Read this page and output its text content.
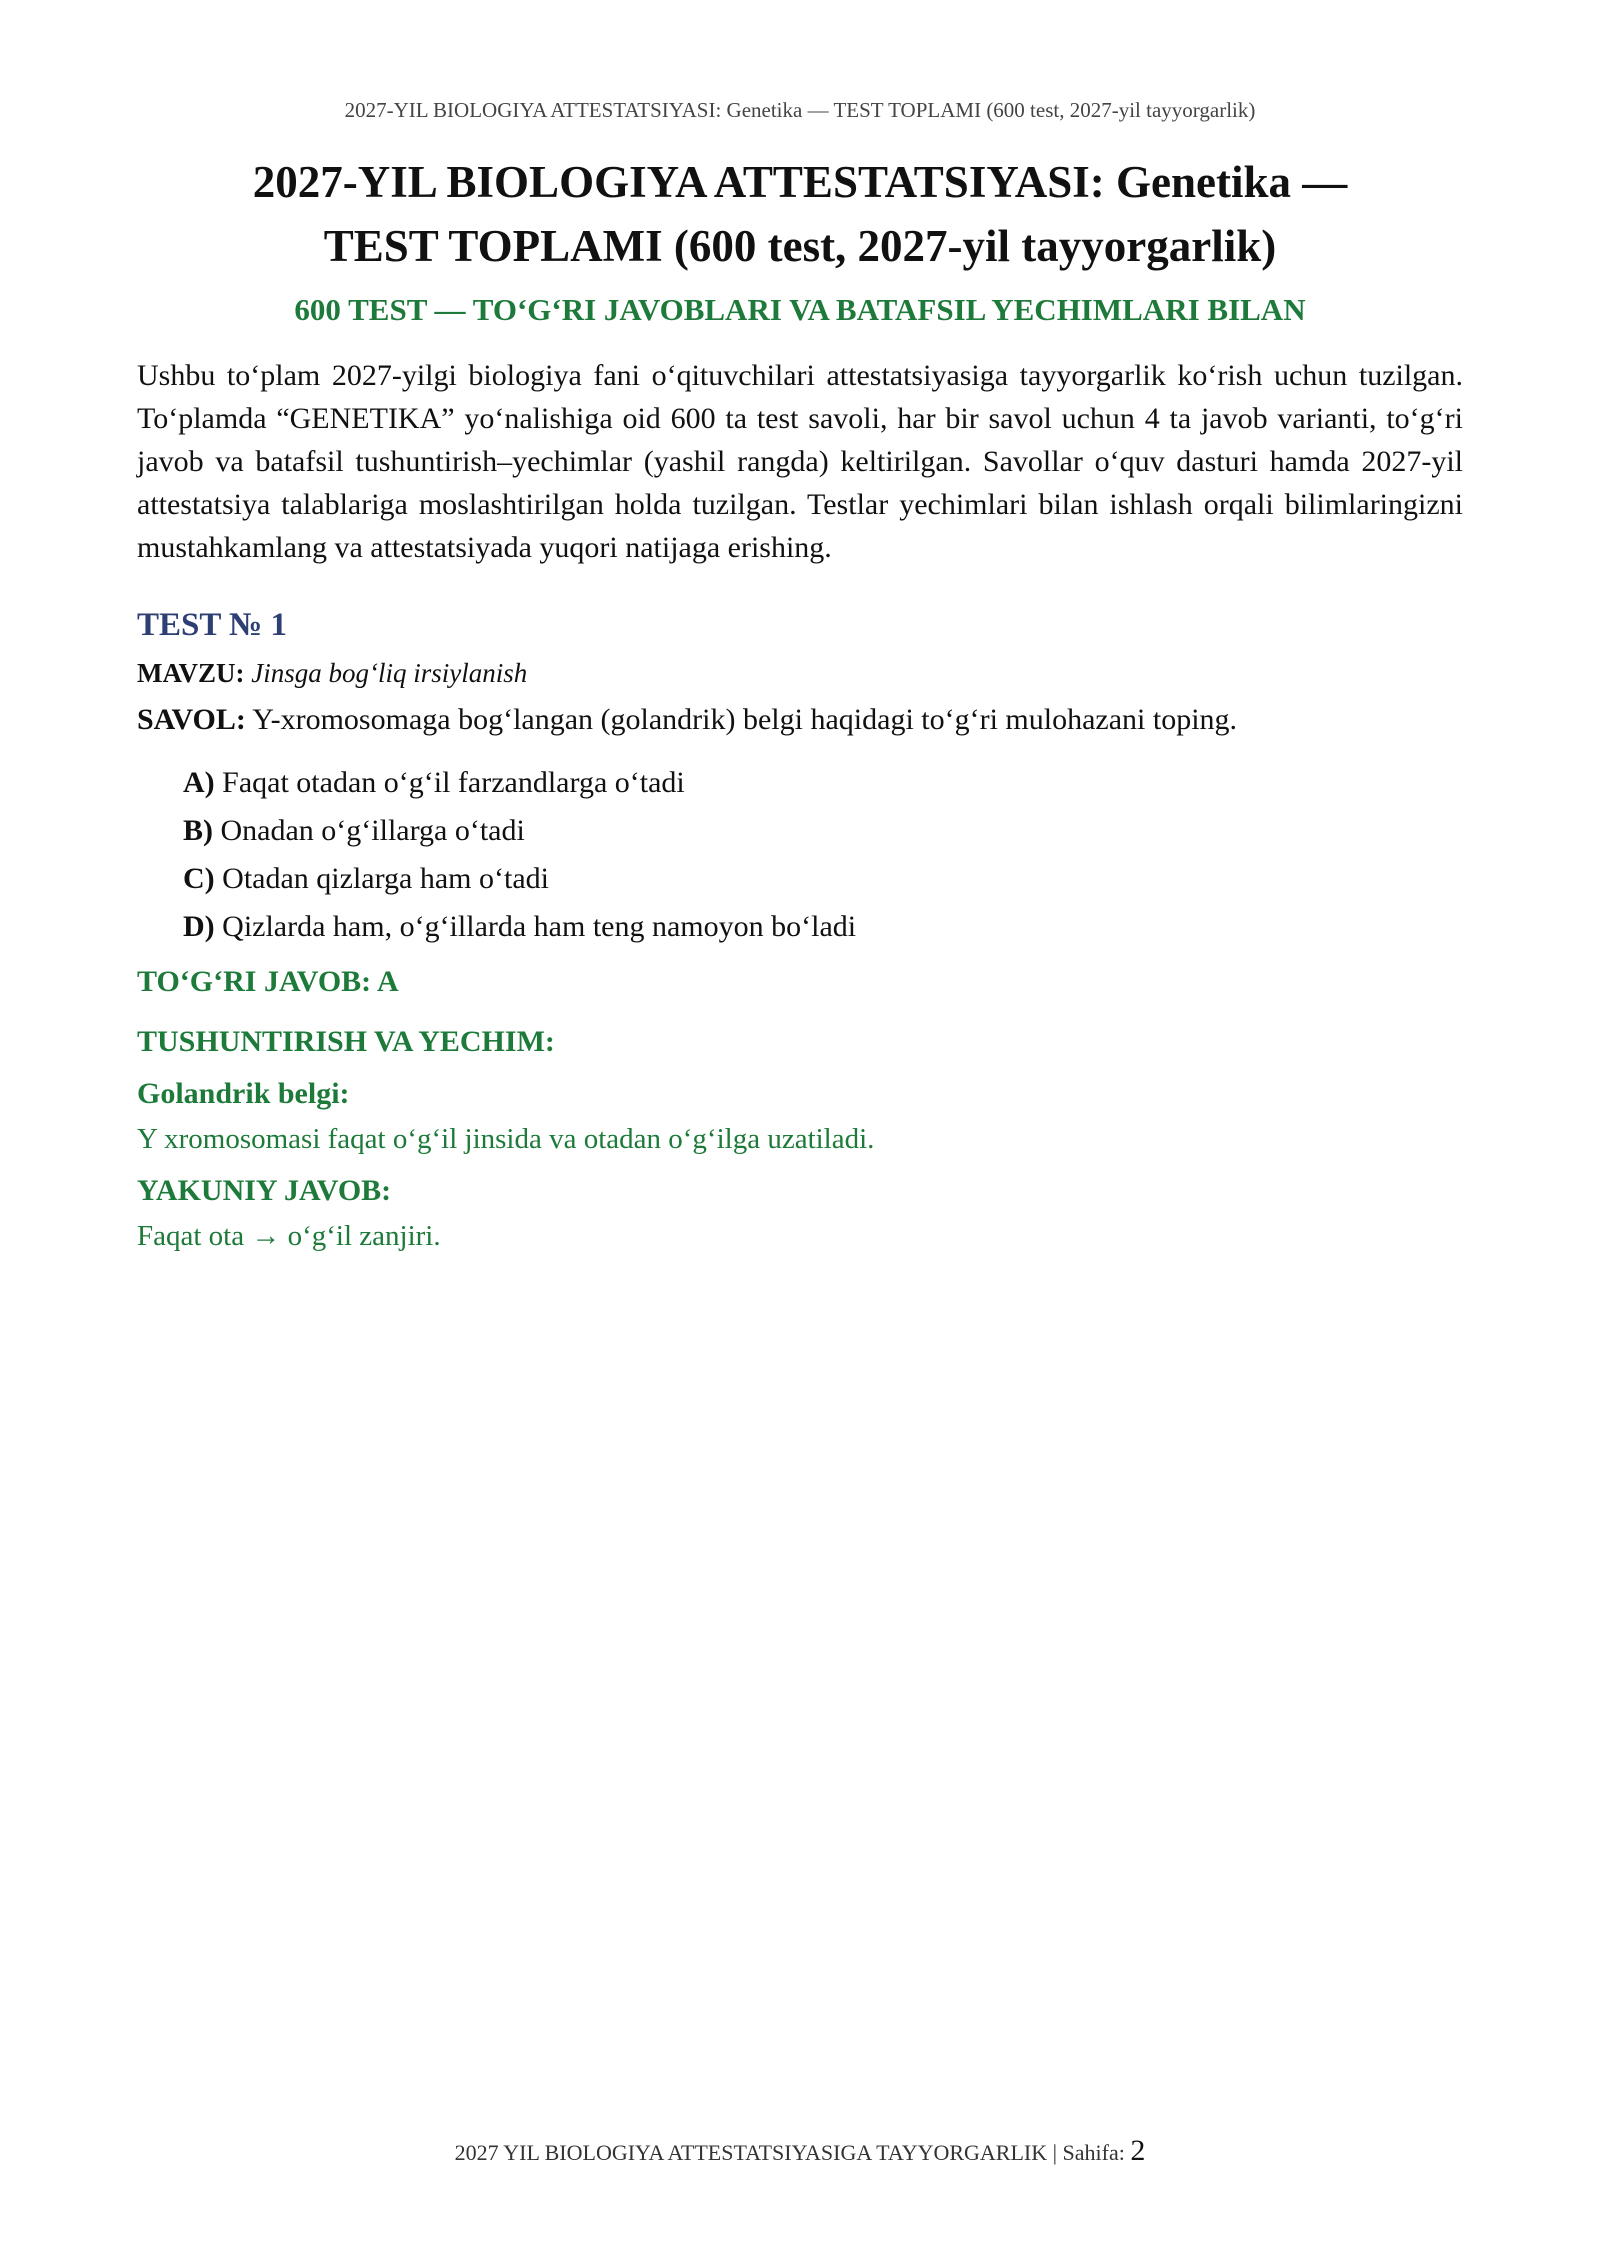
2027-YIL BIOLOGIYA ATTESTATSIYASI: Genetika — TEST TOPLAMI (600 test, 2027-yil tayyorgarlik)
2027-YIL BIOLOGIYA ATTESTATSIYASI: Genetika —
TEST TOPLAMI (600 test, 2027-yil tayyorgarlik)
600 TEST — TO‘G‘RI JAVOBLARI VA BATAFSIL YECHIMLARI BILAN

Ushbu to‘plam 2027-yilgi biologiya fani o‘qituvchilari attestatsiyasiga tayyorgarlik ko‘rish uchun tuzilgan. To‘plamda “GENETIKA” yo‘nalishiga oid 600 ta test savoli, har bir savol uchun 4 ta javob varianti, to‘g‘ri javob va batafsil tushuntirish–yechimlar (yashil rangda) keltirilgan. Savollar o‘quv dasturi hamda 2027-yil attestatsiya talablariga moslashtirilgan holda tuzilgan. Testlar yechimlari bilan ishlash orqali bilimlaringizni mustahkamlang va attestatsiyada yuqori natijaga erishing.

TEST № 1
MAVZU: Jinsga bog‘liq irsiylanish
SAVOL: Y-xromosomaga bog‘langan (golandrik) belgi haqidagi to‘g‘ri mulohazani toping.
A) Faqat otadan o‘g‘il farzandlarga o‘tadi
B) Onadan o‘g‘illarga o‘tadi
C) Otadan qizlarga ham o‘tadi
D) Qizlarda ham, o‘g‘illarda ham teng namoyon bo‘ladi
TO‘G‘RI JAVOB: A
TUSHUNTIRISH VA YECHIM:
Golandrik belgi:
Y xromosomasi faqat o‘g‘il jinsida va otadan o‘g‘ilga uzatiladi.
YAKUNIY JAVOB:
Faqat ota → o‘g‘il zanjiri.
2027 YIL BIOLOGIYA ATTESTATSIYASIGA TAYYORGARLIK | Sahifa: 2
